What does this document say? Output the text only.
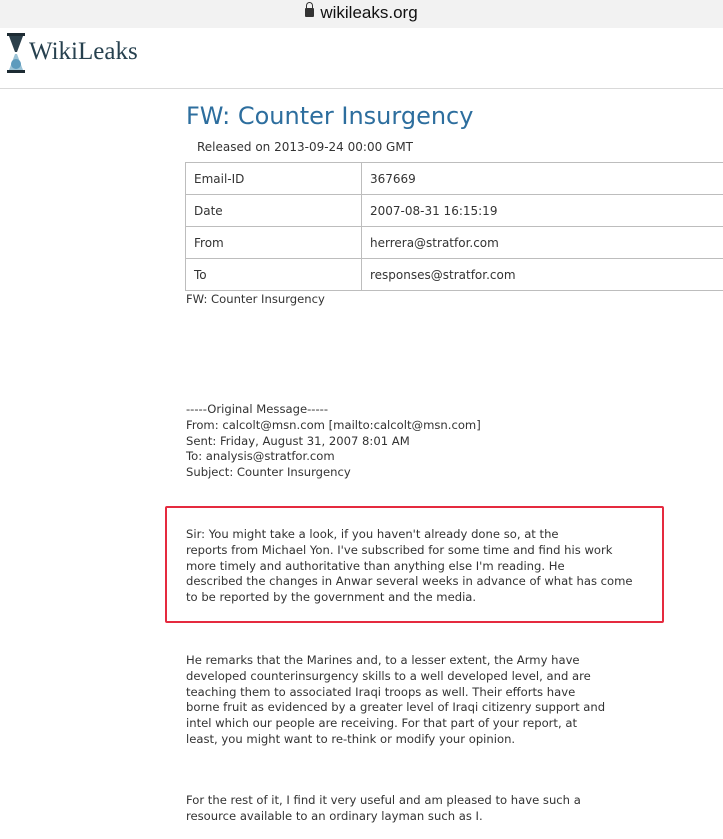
wikileaks.org
WikiLeaks
FW: Counter Insurgency
Released on 2013-09-24 00:00 GMT
Email-ID	367669
Date	2007-08-31 16:15:19
From	herrera@stratfor.com
To	responses@stratfor.com
FW: Counter Insurgency
-----Original Message-----
From: calcolt@msn.com [mailto:calcolt@msn.com]
Sent: Friday, August 31, 2007 8:01 AM
To: analysis@stratfor.com
Subject: Counter Insurgency
Sir: You might take a look, if you haven't already done so, at the
reports from Michael Yon. I've subscribed for some time and find his work
more timely and authoritative than anything else I'm reading. He
described the changes in Anwar several weeks in advance of what has come
to be reported by the government and the media.
He remarks that the Marines and, to a lesser extent, the Army have
developed counterinsurgency skills to a well developed level, and are
teaching them to associated Iraqi troops as well. Their efforts have
borne fruit as evidenced by a greater level of Iraqi citizenry support and
intel which our people are receiving. For that part of your report, at
least, you might want to re-think or modify your opinion.
For the rest of it, I find it very useful and am pleased to have such a
resource available to an ordinary layman such as I.
